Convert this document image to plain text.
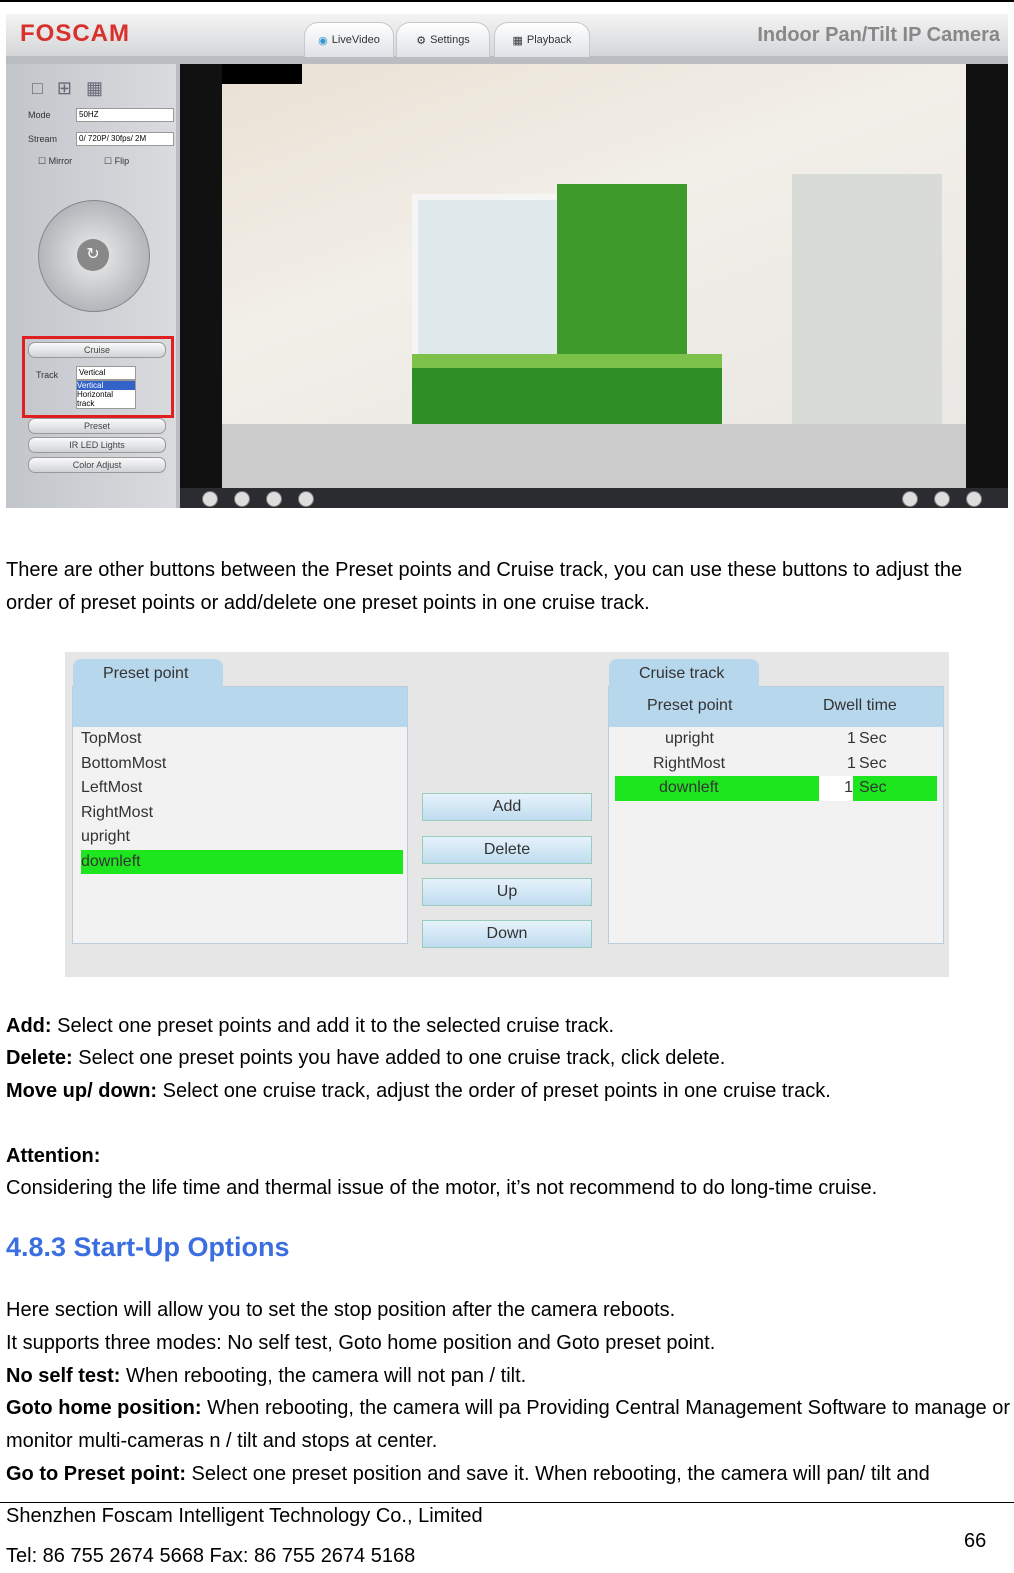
FOSCAM	◉ LiveVideo	⚙ Settings	▦ Playback	Indoor Pan/Tilt IP Camera
□⊞▦
Mode	50HZ
Stream	0/ 720P/ 30fps/ 2M
☐ Mirror	☐ Flip
↻
Cruise
Track	Vertical
Vertical
Horizontal
track
Preset
IR LED Lights
Color Adjust

There are other buttons between the Preset points and Cruise track, you can use these buttons to adjust the order of preset points or add/delete one preset points in one cruise track.

Preset point
TopMost
BottomMost
LeftMost
RightMost
upright
downleft
Add
Delete
Up
Down
Preset point	Dwell time
Cruise track
upright	1 Sec
RightMost	1 Sec
downleft	1 Sec

Add: Select one preset points and add it to the selected cruise track.

Delete: Select one preset points you have added to one cruise track, click delete.

Move up/ down: Select one cruise track, adjust the order of preset points in one cruise track.

Attention:

Considering the life time and thermal issue of the motor, it’s not recommend to do long-time cruise.

4.8.3 Start-Up Options

Here section will allow you to set the stop position after the camera reboots.

It supports three modes: No self test, Goto home position and Goto preset point.

No self test: When rebooting, the camera will not pan / tilt.

Goto home position: When rebooting, the camera will pa Providing Central Management Software to manage or monitor multi-cameras n / tilt and stops at center.

Go to Preset point: Select one preset position and save it. When rebooting, the camera will pan/ tilt and

Shenzhen Foscam Intelligent Technology Co., Limited

Tel: 86 755 2674 5668 Fax: 86 755 2674 5168

66
